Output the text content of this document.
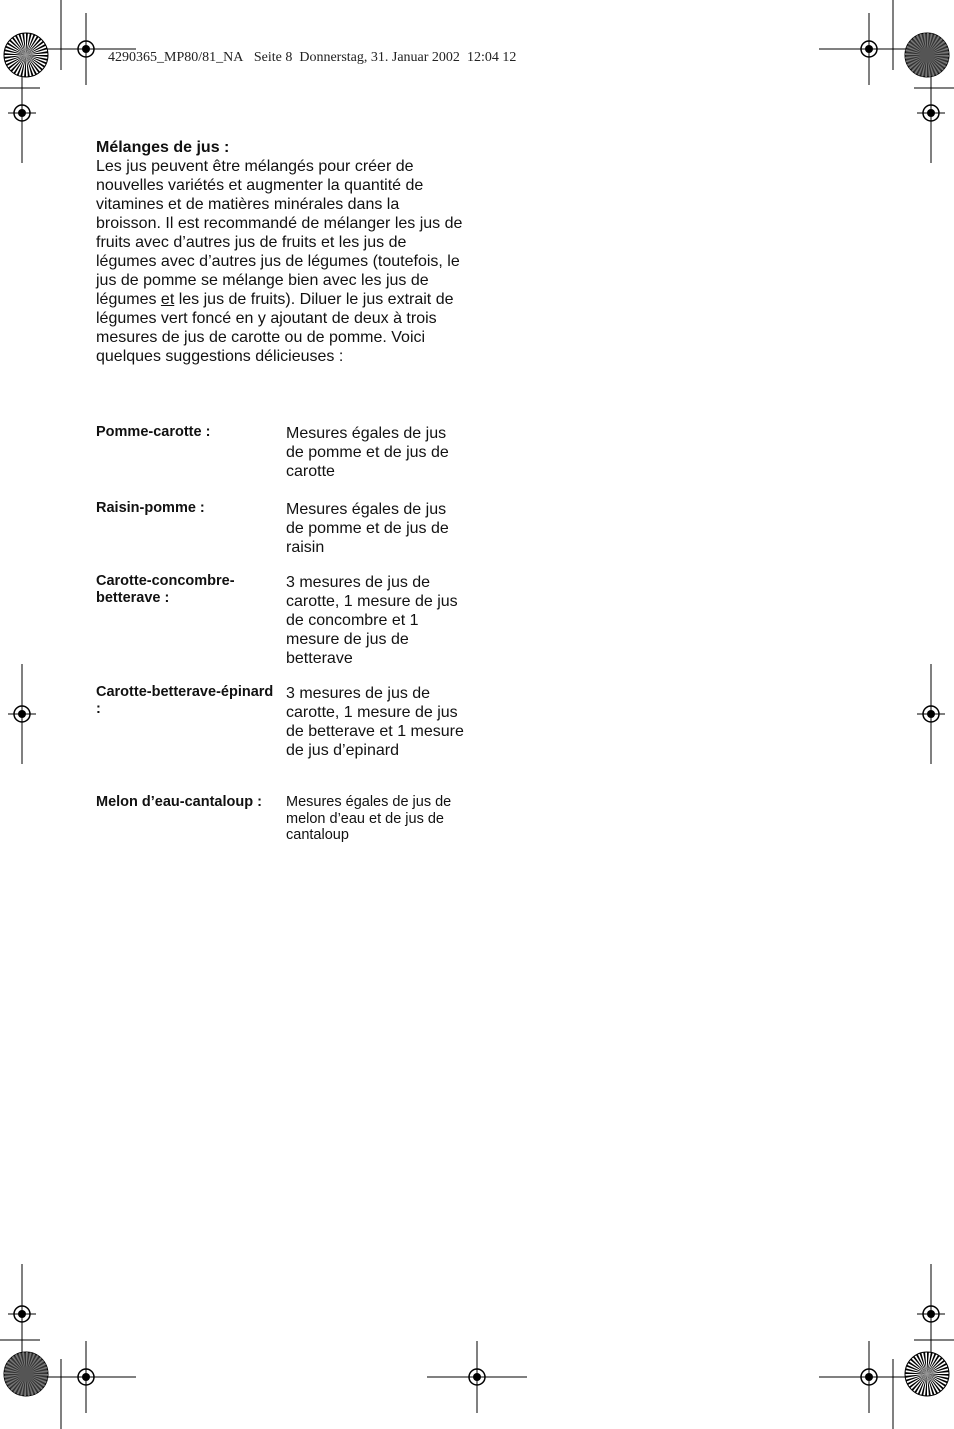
4290365_MP80/81_NA Seite 8 Donnerstag, 31. Januar 2002 12:04 12
Mélanges de jus :

Les jus peuvent être mélangés pour créer de nouvelles variétés et augmenter la quantité de vitamines et de matières minérales dans la broisson. Il est recommandé de mélanger les jus de fruits avec d’autres jus de fruits et les jus de légumes avec d’autres jus de légumes (toutefois, le jus de pomme se mélange bien avec les jus de légumes et les jus de fruits). Diluer le jus extrait de légumes vert foncé en y ajoutant de deux à trois mesures de jus de carotte ou de pomme. Voici quelques suggestions délicieuses :

Pomme-carotte :	Mesures égales de jus de pomme et de jus de carotte
Raisin-pomme :	Mesures égales de jus de pomme et de jus de raisin
Carotte-concombre-betterave :
3 mesures de jus de carotte, 1 mesure de jus de concombre et 1 mesure de jus de betterave
Carotte-betterave-épinard :
3 mesures de jus de carotte, 1 mesure de jus de betterave et 1 mesure de jus d’epinard
Melon d’eau-cantaloup :	Mesures égales de jus de melon d’eau et de jus de cantaloup
